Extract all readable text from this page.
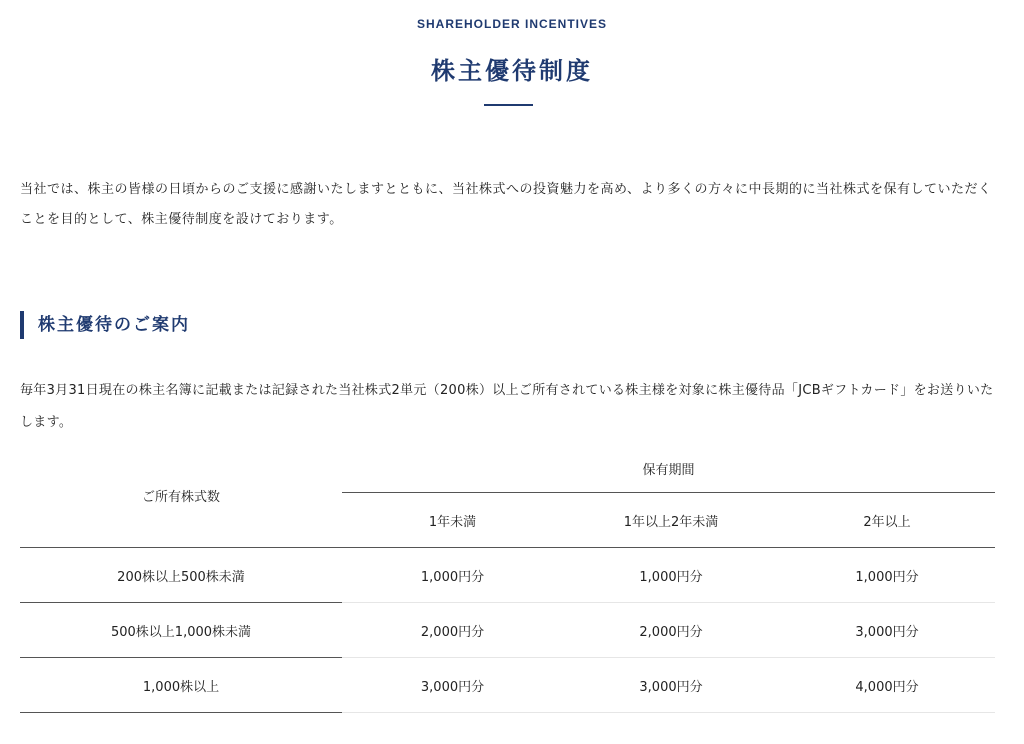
SHAREHOLDER INCENTIVES
株主優待制度

当社では、株主の皆様の日頃からのご支援に感謝いたしますとともに、当社株式への投資魅力を高め、より多くの方々に中長期的に当社株式を保有していただくことを目的として、株主優待制度を設けております。

株主優待のご案内

毎年3月31日現在の株主名簿に記載または記録された当社株式2単元（200株）以上ご所有されている株主様を対象に株主優待品「JCBギフトカード」をお送りいたします。

ご所有株式数
保有期間
1年未満	1年以上2年未満	2年以上
200株以上500株未満	1,000円分	1,000円分	1,000円分
500株以上1,000株未満	2,000円分	2,000円分	3,000円分
1,000株以上	3,000円分	3,000円分	4,000円分
